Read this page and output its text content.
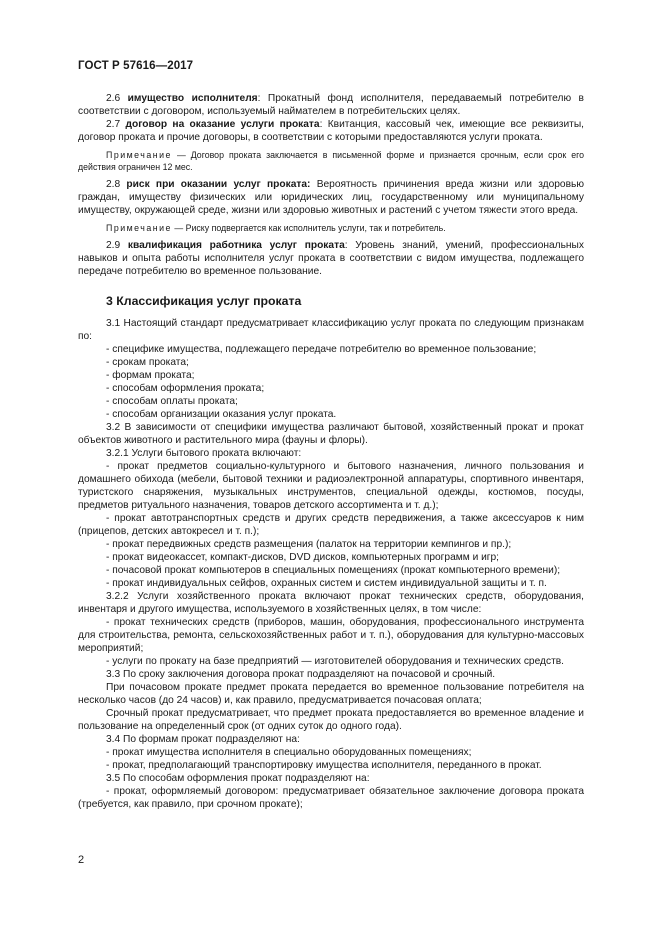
ГОСТ Р 57616—2017

2.6 имущество исполнителя: Прокатный фонд исполнителя, передаваемый потребителю в соответствии с договором, используемый наймателем в потребительских целях.

2.7 договор на оказание услуги проката: Квитанция, кассовый чек, имеющие все реквизиты, договор проката и прочие договоры, в соответствии с которыми предоставляются услуги проката.

Примечание — Договор проката заключается в письменной форме и признается срочным, если срок его действия ограничен 12 мес.

2.8 риск при оказании услуг проката: Вероятность причинения вреда жизни или здоровью граждан, имуществу физических или юридических лиц, государственному или муниципальному имуществу, окружающей среде, жизни или здоровью животных и растений с учетом тяжести этого вреда.

Примечание — Риску подвергается как исполнитель услуги, так и потребитель.

2.9 квалификация работника услуг проката: Уровень знаний, умений, профессиональных навыков и опыта работы исполнителя услуг проката в соответствии с видом имущества, подлежащего передаче потребителю во временное пользование.

3 Классификация услуг проката

3.1 Настоящий стандарт предусматривает классификацию услуг проката по следующим признакам по:

- специфике имущества, подлежащего передаче потребителю во временное пользование;

- срокам проката;

- формам проката;

- способам оформления проката;

- способам оплаты проката;

- способам организации оказания услуг проката.

3.2 В зависимости от специфики имущества различают бытовой, хозяйственный прокат и прокат объектов животного и растительного мира (фауны и флоры).

3.2.1 Услуги бытового проката включают:

- прокат предметов социально-культурного и бытового назначения, личного пользования и домашнего обихода (мебели, бытовой техники и радиоэлектронной аппаратуры, спортивного инвентаря, туристского снаряжения, музыкальных инструментов, специальной одежды, костюмов, посуды, предметов ритуального назначения, товаров детского ассортимента и т. д.);

- прокат автотранспортных средств и других средств передвижения, а также аксессуаров к ним (прицепов, детских автокресел и т. п.);

- прокат передвижных средств размещения (палаток на территории кемпингов и пр.);

- прокат видеокассет, компакт-дисков, DVD дисков, компьютерных программ и игр;

- почасовой прокат компьютеров в специальных помещениях (прокат компьютерного времени);

- прокат индивидуальных сейфов, охранных систем и систем индивидуальной защиты и т. п.

3.2.2 Услуги хозяйственного проката включают прокат технических средств, оборудования, инвентаря и другого имущества, используемого в хозяйственных целях, в том числе:

- прокат технических средств (приборов, машин, оборудования, профессионального инструмента для строительства, ремонта, сельскохозяйственных работ и т. п.), оборудования для культурно-массовых мероприятий;

- услуги по прокату на базе предприятий — изготовителей оборудования и технических средств.

3.3 По сроку заключения договора прокат подразделяют на почасовой и срочный.

При почасовом прокате предмет проката передается во временное пользование потребителя на несколько часов (до 24 часов) и, как правило, предусматривается почасовая оплата;

Срочный прокат предусматривает, что предмет проката предоставляется во временное владение и пользование на определенный срок (от одних суток до одного года).

3.4 По формам прокат подразделяют на:

- прокат имущества исполнителя в специально оборудованных помещениях;

- прокат, предполагающий транспортировку имущества исполнителя, переданного в прокат.

3.5 По способам оформления прокат подразделяют на:

- прокат, оформляемый договором: предусматривает обязательное заключение договора проката (требуется, как правило, при срочном прокате);

2
